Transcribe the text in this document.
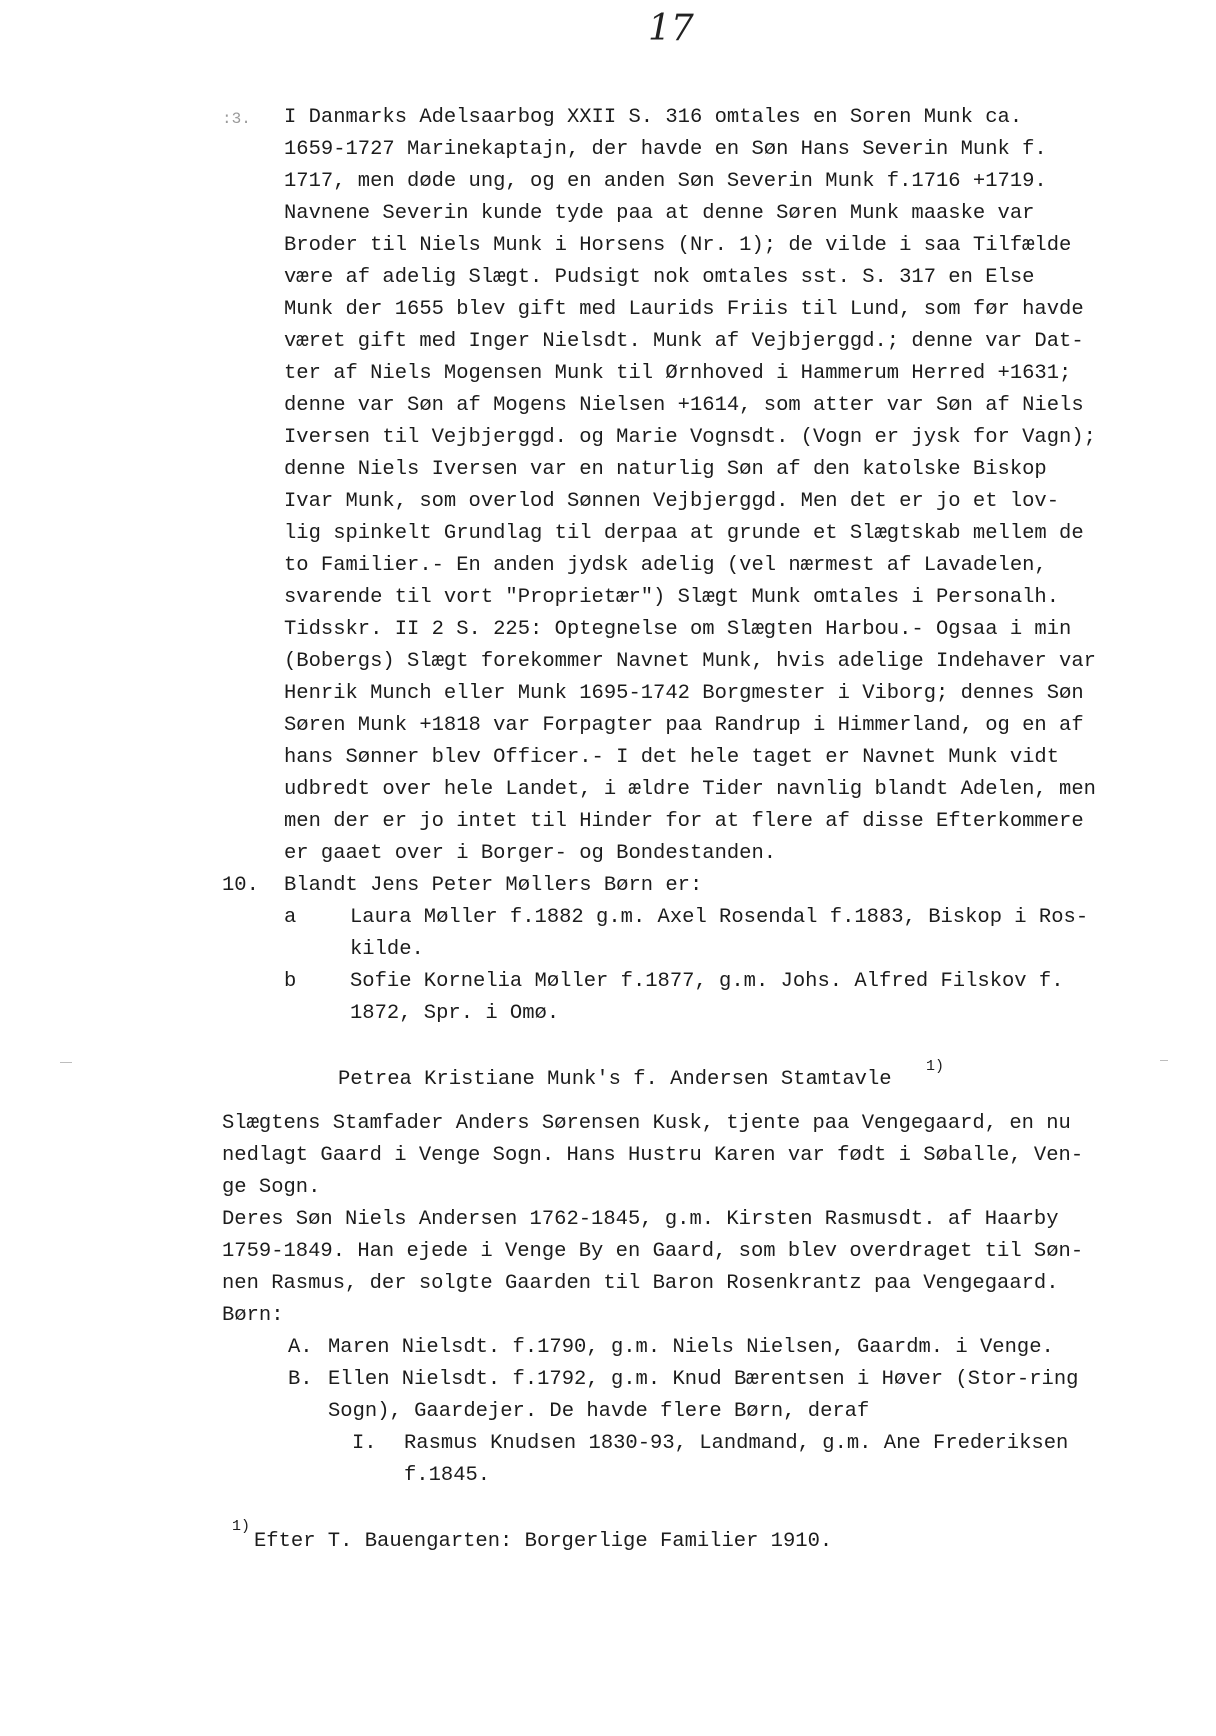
17
:3. I Danmarks Adelsaarbog XXII S. 316 omtales en Soren Munk ca.
1659-1727 Marinekaptajn, der havde en Søn Hans Severin Munk f.
1717, men døde ung, og en anden Søn Severin Munk f.1716 +1719.
Navnene Severin kunde tyde paa at denne Søren Munk maaske var
Broder til Niels Munk i Horsens (Nr. 1); de vilde i saa Tilfælde
være af adelig Slægt. Pudsigt nok omtales sst. S. 317 en Else
Munk der 1655 blev gift med Laurids Friis til Lund, som før havde
været gift med Inger Nielsdt. Munk af Vejbjerggd.; denne var Dat-
ter af Niels Mogensen Munk til Ørnhoved i Hammerum Herred +1631;
denne var Søn af Mogens Nielsen +1614, som atter var Søn af Niels
Iversen til Vejbjerggd. og Marie Vognsdt. (Vogn er jysk for Vagn);
denne Niels Iversen var en naturlig Søn af den katolske Biskop
Ivar Munk, som overlod Sønnen Vejbjerggd. Men det er jo et lov-
lig spinkelt Grundlag til derpaa at grunde et Slægtskab mellem de
to Familier.- En anden jydsk adelig (vel nærmest af Lavadelen,
svarende til vort "Proprietær") Slægt Munk omtales i Personalh.
Tidsskr. II 2 S. 225: Optegnelse om Slægten Harbou.- Ogsaa i min
(Bobergs) Slægt forekommer Navnet Munk, hvis adelige Indehaver var
Henrik Munch eller Munk 1695-1742 Borgmester i Viborg; dennes Søn
Søren Munk +1818 var Forpagter paa Randrup i Himmerland, og en af
hans Sønner blev Officer.- I det hele taget er Navnet Munk vidt
udbredt over hele Landet, i ældre Tider navnlig blandt Adelen, men
men der er jo intet til Hinder for at flere af disse Efterkommere
er gaaet over i Borger- og Bondestanden.
10. Blandt Jens Peter Møllers Børn er:
a	Laura Møller f.1882 g.m. Axel Rosendal f.1883, Biskop i Ros-
kilde.
b	Sofie Kornelia Møller f.1877, g.m. Johs. Alfred Filskov f.
1872, Spr. i Omø.
Petrea Kristiane Munk's f. Andersen Stamtavle
1)
Slægtens Stamfader Anders Sørensen Kusk, tjente paa Vengegaard, en nu
nedlagt Gaard i Venge Sogn. Hans Hustru Karen var født i Søballe, Ven-
ge Sogn.
Deres Søn Niels Andersen 1762-1845, g.m. Kirsten Rasmusdt. af Haarby
1759-1849. Han ejede i Venge By en Gaard, som blev overdraget til Søn-
nen Rasmus, der solgte Gaarden til Baron Rosenkrantz paa Vengegaard.
Børn:
A. Maren Nielsdt. f.1790, g.m. Niels Nielsen, Gaardm. i Venge.
B. Ellen Nielsdt. f.1792, g.m. Knud Bærentsen i Høver (Stor-ring
Sogn), Gaardejer. De havde flere Børn, deraf
I. Rasmus Knudsen 1830-93, Landmand, g.m. Ane Frederiksen
f.1845.
1)
Efter T. Bauengarten: Borgerlige Familier 1910.
